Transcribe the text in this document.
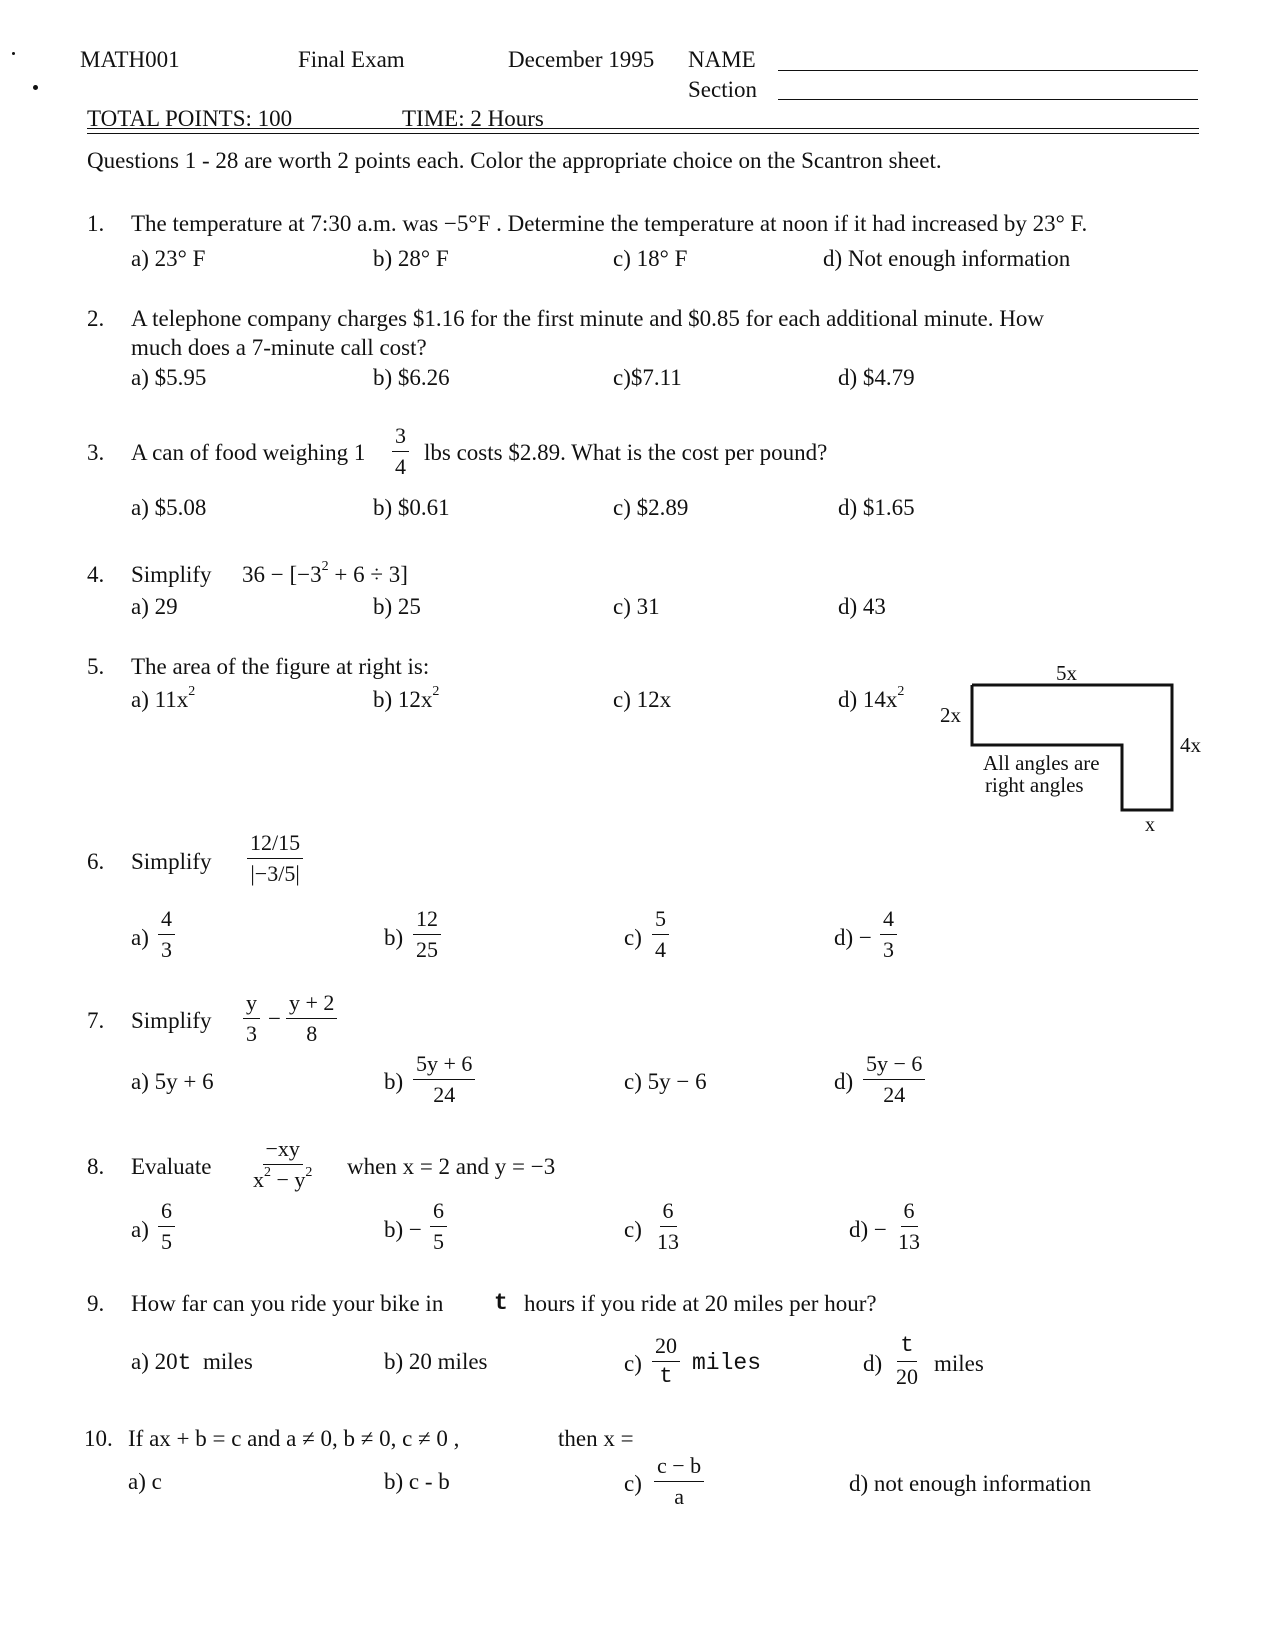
MATH001	Final Exam	December 1995 NAME
Section
TOTAL POINTS: 100	TIME: 2 Hours
Questions 1 - 28 are worth 2 points each. Color the appropriate choice on the Scantron sheet.
1. The temperature at 7:30 a.m. was −5°F . Determine the temperature at noon if it had increased by 23° F.
a) 23° F	b) 28° F	c) 18° F	d) Not enough information
2. A telephone company charges $1.16 for the first minute and $0.85 for each additional minute. How
much does a 7-minute call cost?
a) $5.95	b) $6.26	c)$7.11	d) $4.79
3. A can of food weighing $1 \frac{3}{4}$ lbs costs $2.89. What is the cost per pound?
a) $5.08	b) $0.61	c) $2.89	d) $1.65
4. Simplify $36 - [-3^2 + 6 \div 3]$
a) 29	b) 25	c) 31	d) 43
5. The area of the figure at right is:
a) $11x^2$	b) $12x^2$	c) 12x	d) $14x^2$
5x
2x
4x
x
All angles are
right angles
6. Simplify $\frac{12/15}{|-3/5|}$
$a) \frac{4}{3}$	$b) \frac{12}{25}$	$c) \frac{5}{4}$	$d) - \frac{4}{3}$
7. Simplify $\frac{y}{3} - \frac{y + 2}{8}$
a) 5y + 6	$b) \frac{5y + 6}{24}$	c) 5y − 6	$d) \frac{5y - 6}{24}$
8. Evaluate $\frac{-xy}{x^2 - y^2}$ when x = 2 and y = −3
$a) \frac{6}{5}$	$b) - \frac{6}{5}$	$c) \frac{6}{13}$	$d) - \frac{6}{13}$
9. How far can you ride your bike in t hours if you ride at 20 miles per hour?
a) 20t miles	b) 20 miles	$c) \frac{20}{t}$ miles	$d) \frac{t}{20}$ miles
10. If ax + b = c and a ≠ 0, b ≠ 0, c ≠ 0 ,	then x =
a) c	b) c - b	$c) \frac{c - b}{a}$	d) not enough information
